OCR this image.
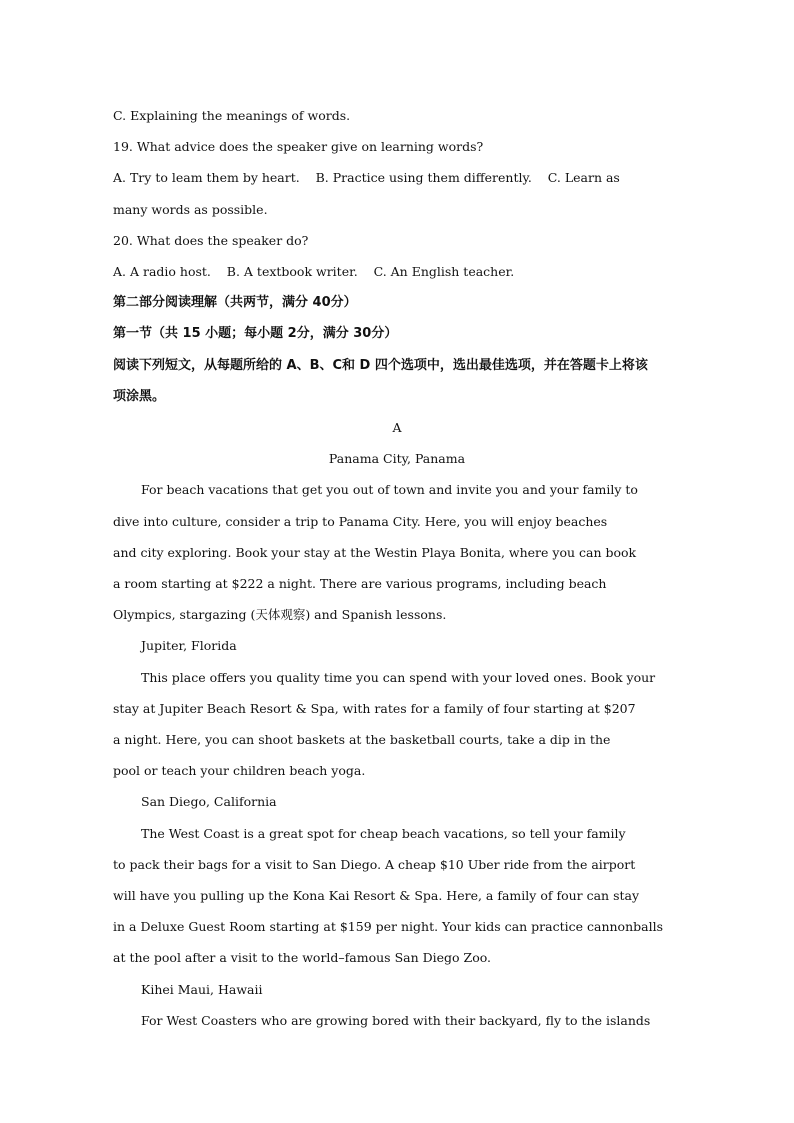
C. Explaining the meanings of words.
19. What advice does the speaker give on learning words?
A. Try to leam them by heart.    B. Practice using them differently.    C. Learn as
many words as possible.
20. What does the speaker do?
A. A radio host.    B. A textbook writer.    C. An English teacher.
第二部分阅读理解（共两节，满分 40分）
第一节（共 15 小题；每小题 2分，满分 30分）
阅读下列短文，从每题所给的 A、B、C和 D 四个选项中，选出最佳选项，并在答题卡上将该
项涂黑。
A
Panama City, Panama
For beach vacations that get you out of town and invite you and your family to
dive into culture, consider a trip to Panama City. Here, you will enjoy beaches
and city exploring. Book your stay at the Westin Playa Bonita, where you can book
a room starting at $222 a night. There are various programs, including beach
Olympics, stargazing (天体观察) and Spanish lessons.
Jupiter, Florida
This place offers you quality time you can spend with your loved ones. Book your
stay at Jupiter Beach Resort & Spa, with rates for a family of four starting at $207
a night. Here, you can shoot baskets at the basketball courts, take a dip in the
pool or teach your children beach yoga.
San Diego, California
The West Coast is a great spot for cheap beach vacations, so tell your family
to pack their bags for a visit to San Diego. A cheap $10 Uber ride from the airport
will have you pulling up the Kona Kai Resort & Spa. Here, a family of four can stay
in a Deluxe Guest Room starting at $159 per night. Your kids can practice cannonballs
at the pool after a visit to the world–famous San Diego Zoo.
Kihei Maui, Hawaii
For West Coasters who are growing bored with their backyard, fly to the islands
